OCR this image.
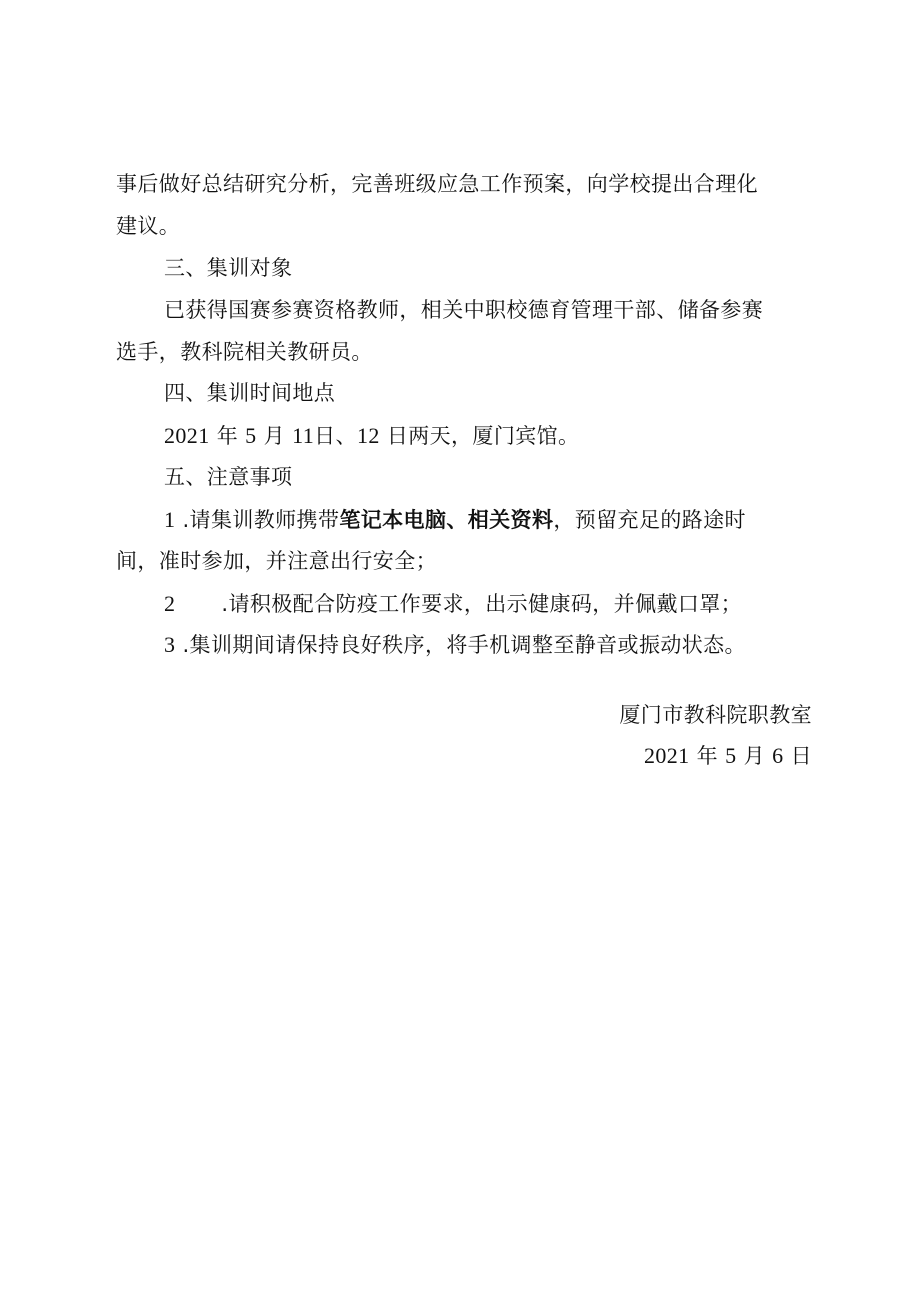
事后做好总结研究分析，完善班级应急工作预案，向学校提出合理化
建议。
三、集训对象
已获得国赛参赛资格教师，相关中职校德育管理干部、储备参赛
选手，教科院相关教研员。
四、集训时间地点
2021 年 5 月 11日、12 日两天，厦门宾馆。
五、注意事项
1 .请集训教师携带笔记本电脑、相关资料，预留充足的路途时
间，准时参加，并注意出行安全；
2 .请积极配合防疫工作要求，出示健康码，并佩戴口罩；
3 .集训期间请保持良好秩序，将手机调整至静音或振动状态。
厦门市教科院职教室
2021 年 5 月 6 日
